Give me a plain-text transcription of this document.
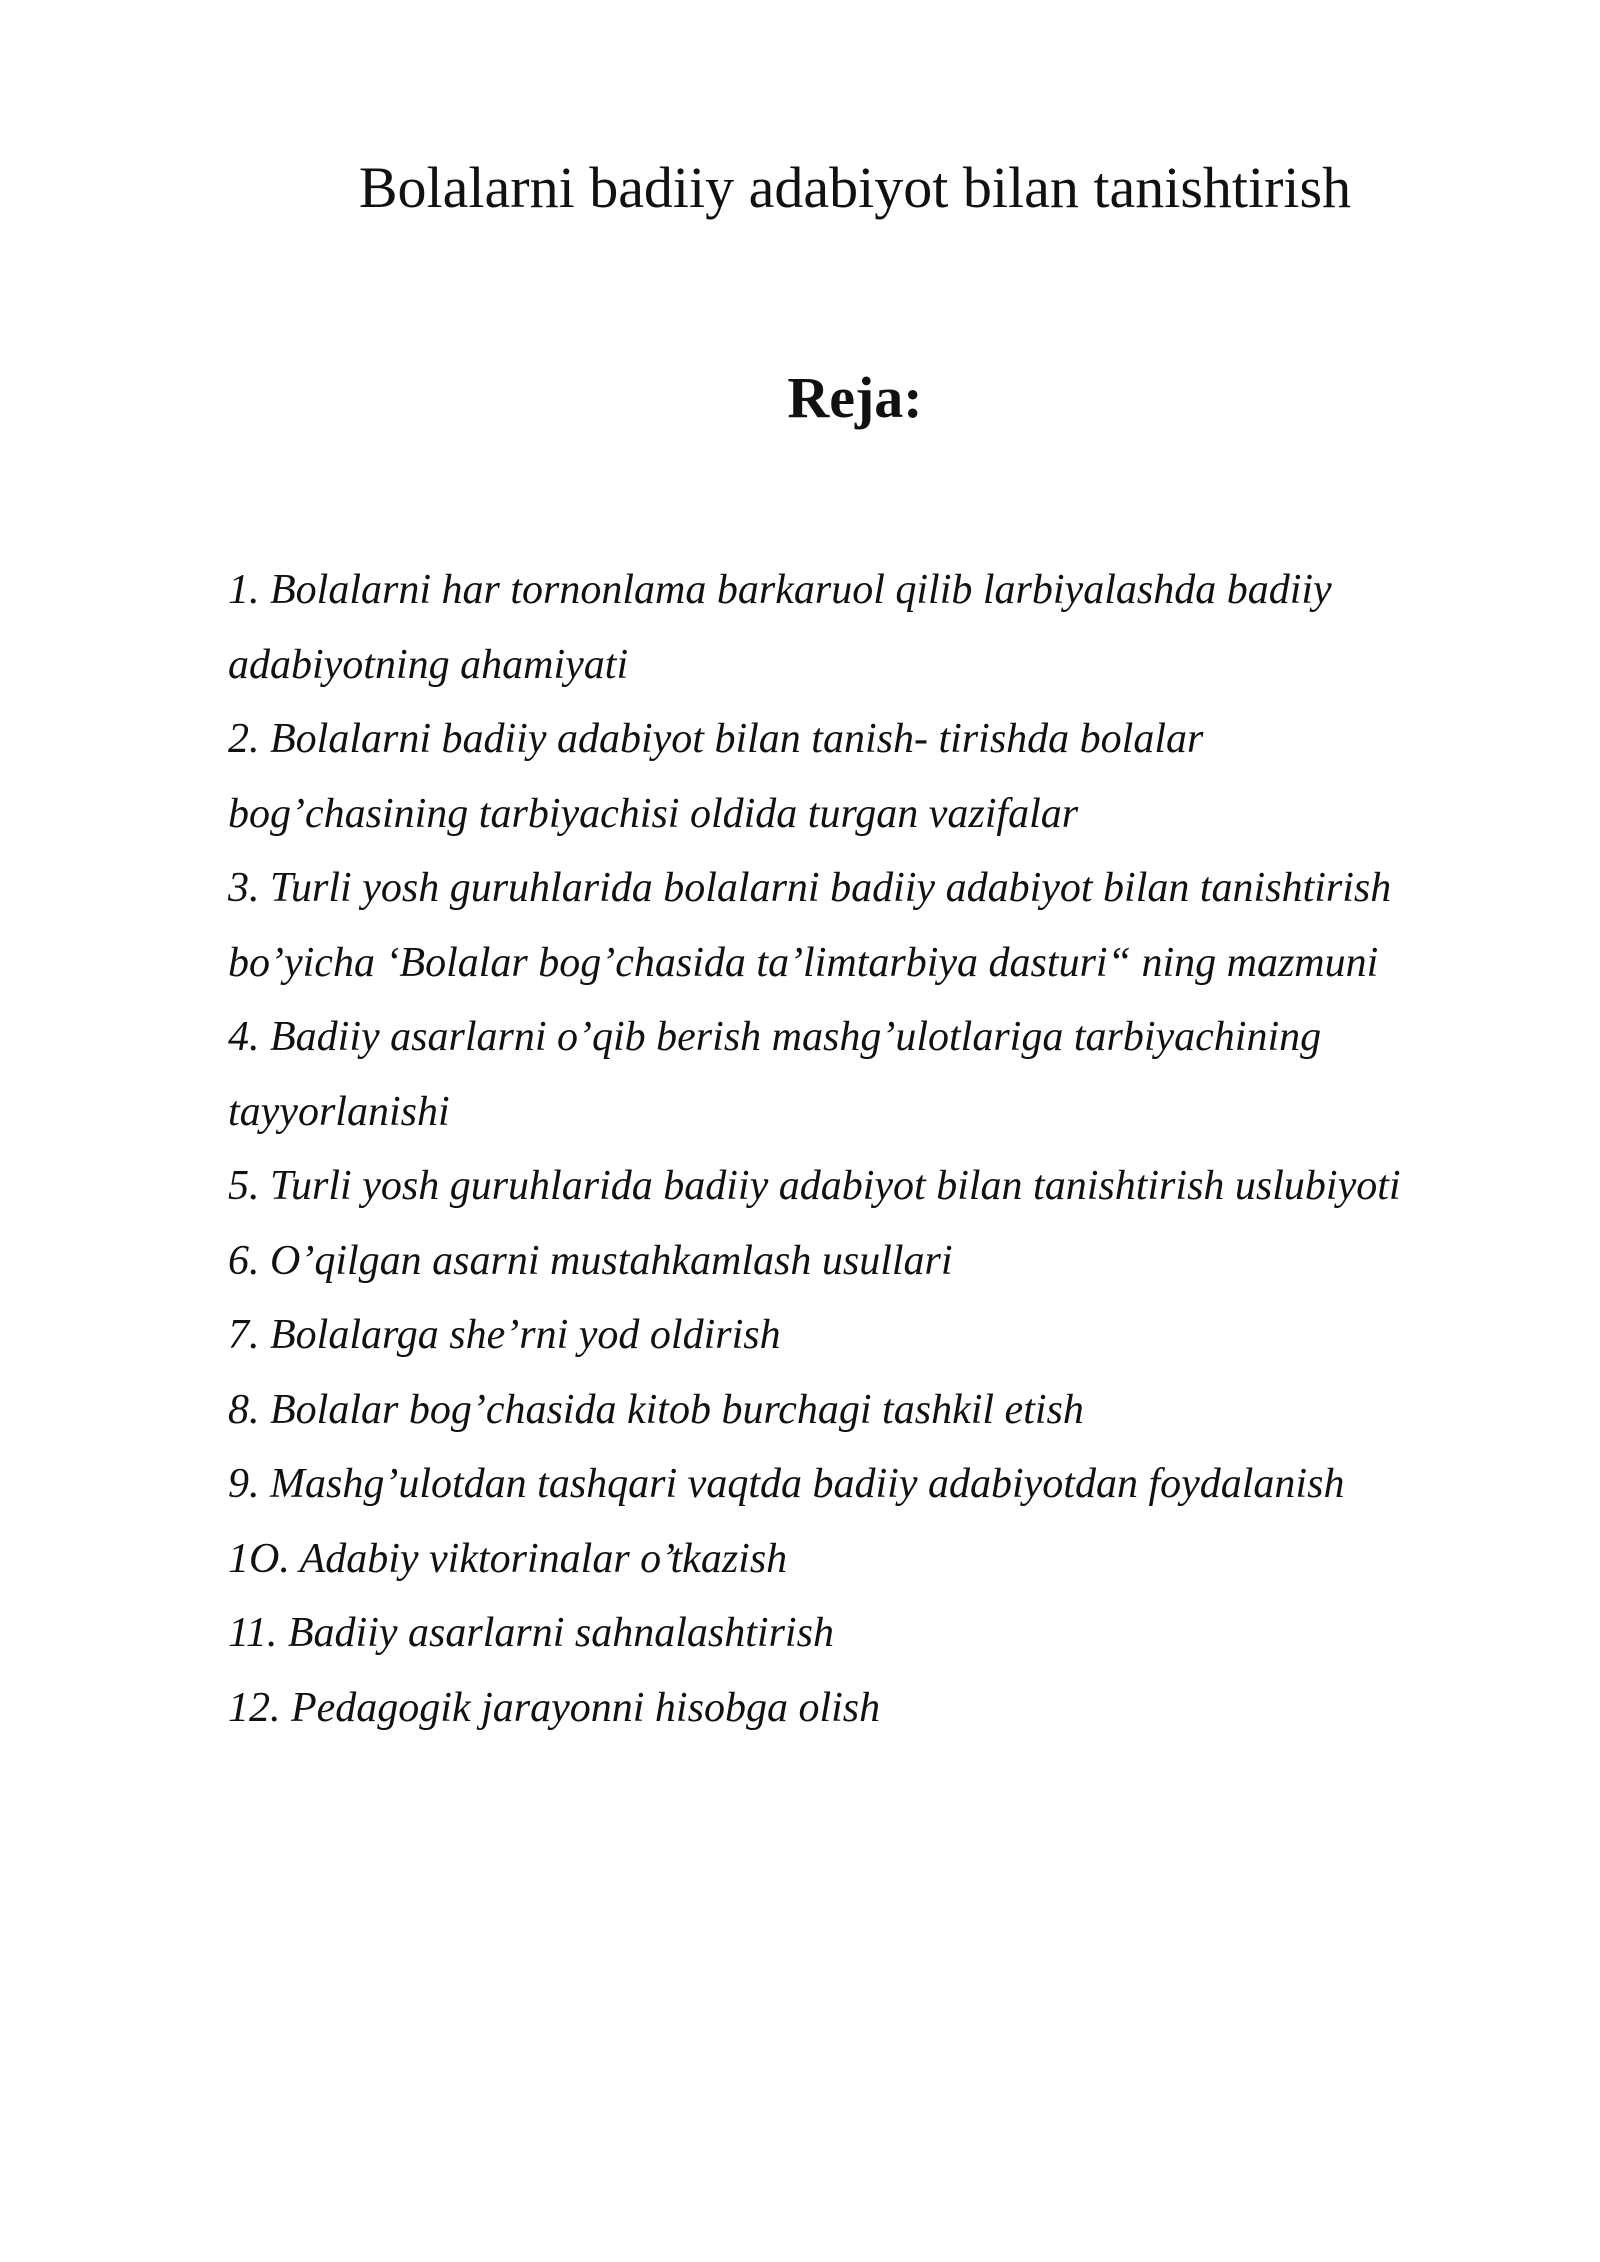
Bolalarni badiiy adabiyot bilan tanishtirish
Reja:
1. Bolalarni har tornonlama barkaruol qilib larbiyalashda badiiy
adabiyotning ahamiyati
2. Bolalarni badiiy adabiyot bilan tanish- tirishda bolalar
bog’chasining tarbiyachisi oldida turgan vazifalar
3. Turli yosh guruhlarida bolalarni badiiy adabiyot bilan tanishtirish
bo’yicha ‘Bolalar bog’chasida ta’limtarbiya dasturi“ ning mazmuni
4. Badiiy asarlarni o’qib berish mashg’ulotlariga tarbiyachining
tayyorlanishi
5. Turli yosh guruhlarida badiiy adabiyot bilan tanishtirish uslubiyoti
6. O’qilgan asarni mustahkamlash usullari
7. Bolalarga she’rni yod oldirish
8. Bolalar bog’chasida kitob burchagi tashkil etish
9. Mashg’ulotdan tashqari vaqtda badiiy adabiyotdan foydalanish
1O. Adabiy viktorinalar o’tkazish
11. Badiiy asarlarni sahnalashtirish
12. Pedagogik jarayonni hisobga olish
